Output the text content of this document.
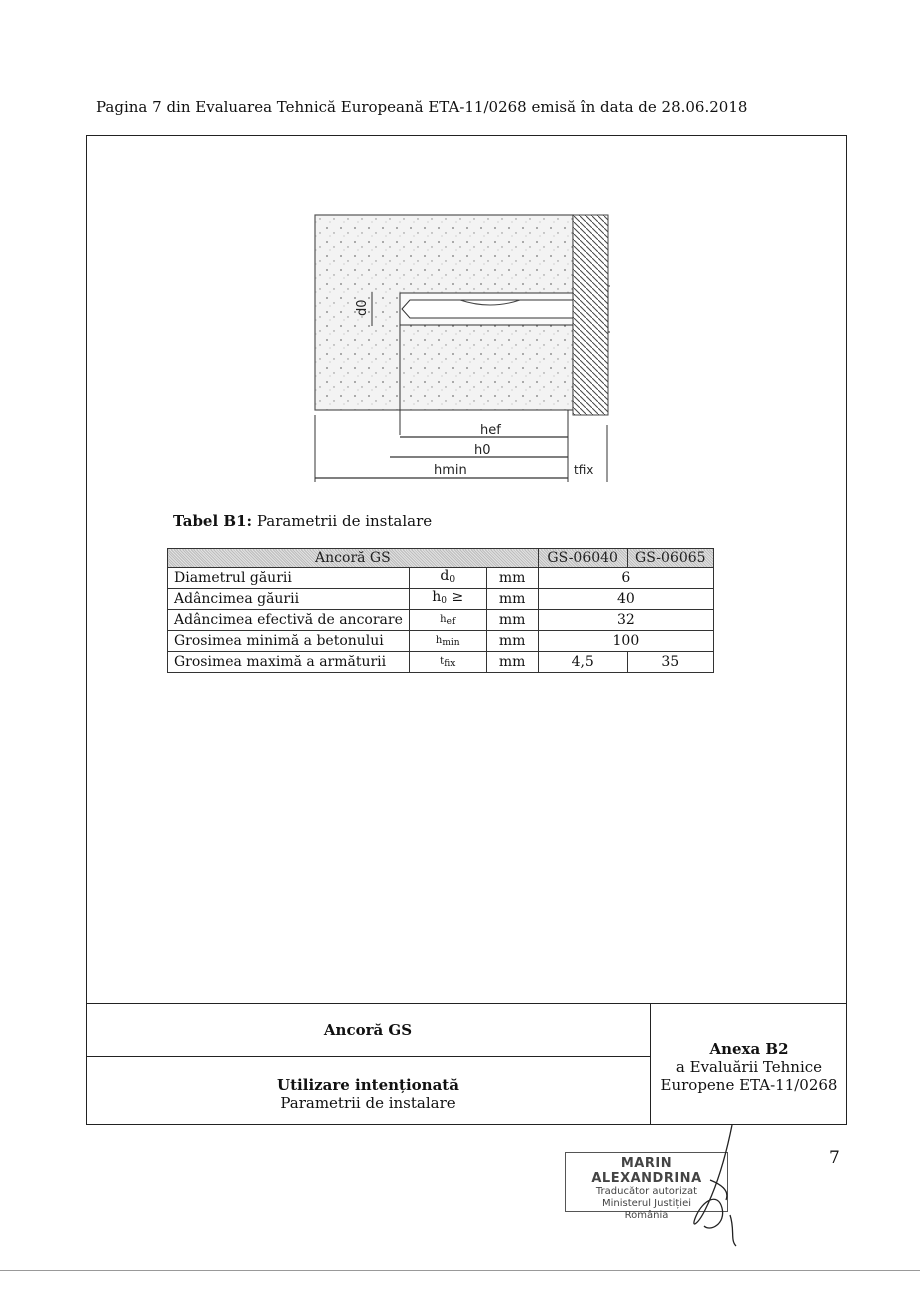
Pagina 7 din Evaluarea Tehnică Europeană ETA-11/0268 emisă în data de 28.06.2018
d0
hef
h0
hmin	tfix
Tabel B1: Parametrii de instalare
Ancoră GS			GS-06040	GS-06065
Diametrul găurii	$d_0$	mm	6	
Adâncimea găurii	$h_0$ ≥	mm	40	
Adâncimea efectivă de ancorare	$h_{ef}$	mm	32	
Grosimea minimă a betonului	$h_{min}$	mm	100	
Grosimea maximă a armăturii	$t_{fix}$	mm	4,5	35
Ancoră GS
Utilizare intenționată
Parametrii de instalare
Anexa B2
a Evaluării Tehnice
Europene ETA-11/0268
7
MARIN ALEXANDRINA
Traducător autorizat
Ministerul Justiției
România
